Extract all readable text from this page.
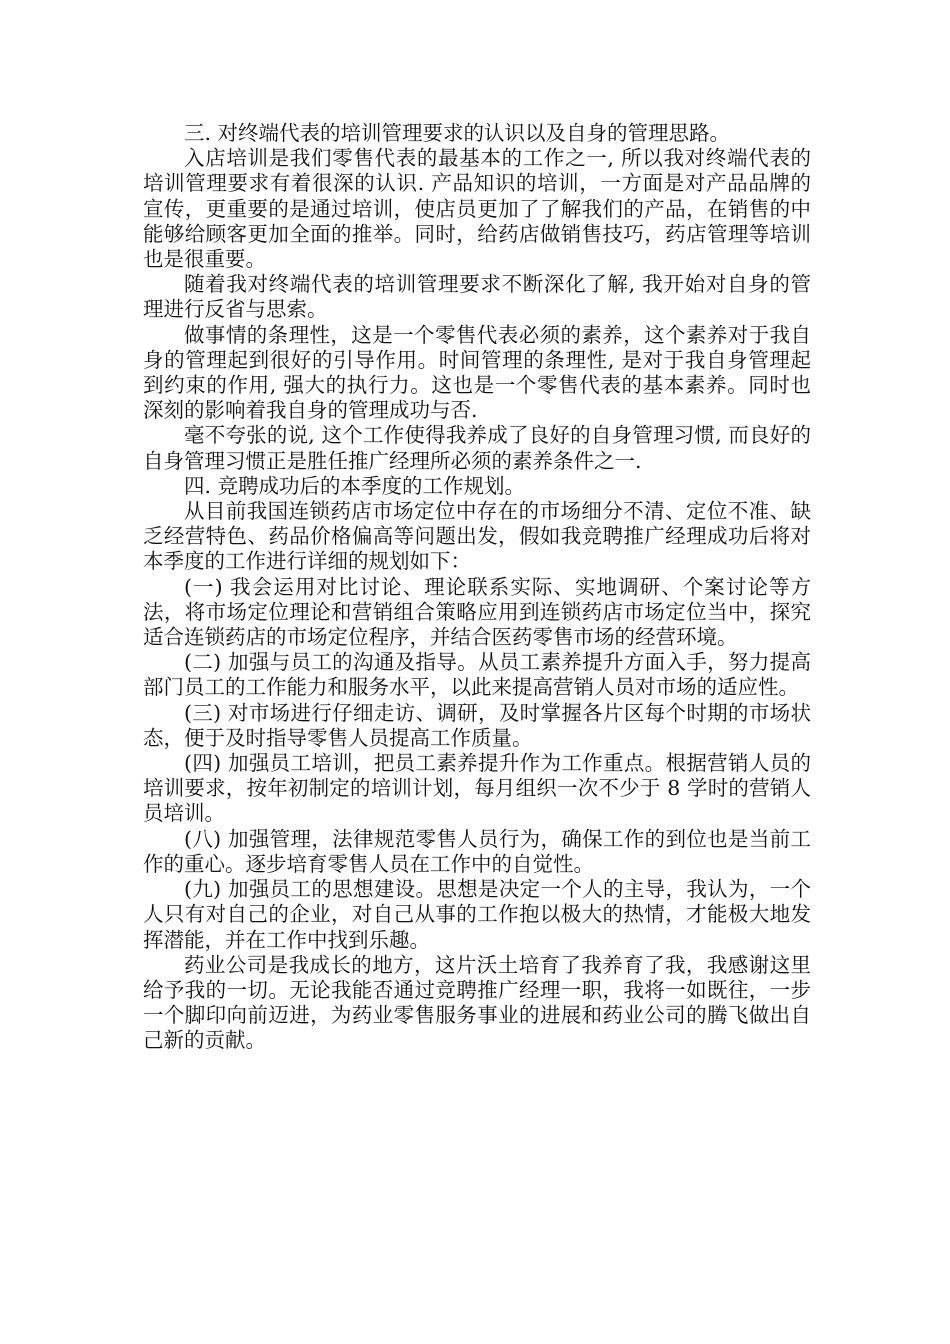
三. 对终端代表的培训管理要求的认识以及自身的管理思路。

入店培训是我们零售代表的最基本的工作之一, 所以我对终端代表的培训管理要求有着很深的认识. 产品知识的培训，一方面是对产品品牌的宣传，更重要的是通过培训，使店员更加了了解我们的产品，在销售的中能够给顾客更加全面的推举。同时，给药店做销售技巧，药店管理等培训也是很重要。

随着我对终端代表的培训管理要求不断深化了解, 我开始对自身的管理进行反省与思索。

做事情的条理性，这是一个零售代表必须的素养，这个素养对于我自身的管理起到很好的引导作用。时间管理的条理性, 是对于我自身管理起到约束的作用, 强大的执行力。这也是一个零售代表的基本素养。同时也深刻的影响着我自身的管理成功与否.

毫不夸张的说, 这个工作使得我养成了良好的自身管理习惯, 而良好的自身管理习惯正是胜任推广经理所必须的素养条件之一.

四. 竞聘成功后的本季度的工作规划。

从目前我国连锁药店市场定位中存在的市场细分不清、定位不准、缺乏经营特色、药品价格偏高等问题出发，假如我竞聘推广经理成功后将对本季度的工作进行详细的规划如下：

(一) 我会运用对比讨论、理论联系实际、实地调研、个案讨论等方法，将市场定位理论和营销组合策略应用到连锁药店市场定位当中，探究适合连锁药店的市场定位程序，并结合医药零售市场的经营环境。

(二) 加强与员工的沟通及指导。从员工素养提升方面入手，努力提高部门员工的工作能力和服务水平，以此来提高营销人员对市场的适应性。

(三) 对市场进行仔细走访、调研，及时掌握各片区每个时期的市场状态，便于及时指导零售人员提高工作质量。

(四) 加强员工培训，把员工素养提升作为工作重点。根据营销人员的培训要求，按年初制定的培训计划，每月组织一次不少于 8 学时的营销人员培训。

(八) 加强管理，法律规范零售人员行为，确保工作的到位也是当前工作的重心。逐步培育零售人员在工作中的自觉性。

(九) 加强员工的思想建设。思想是决定一个人的主导，我认为，一个人只有对自己的企业，对自己从事的工作抱以极大的热情，才能极大地发挥潜能，并在工作中找到乐趣。

药业公司是我成长的地方，这片沃土培育了我养育了我，我感谢这里给予我的一切。无论我能否通过竞聘推广经理一职，我将一如既往，一步一个脚印向前迈进，为药业零售服务事业的进展和药业公司的腾飞做出自己新的贡献。
